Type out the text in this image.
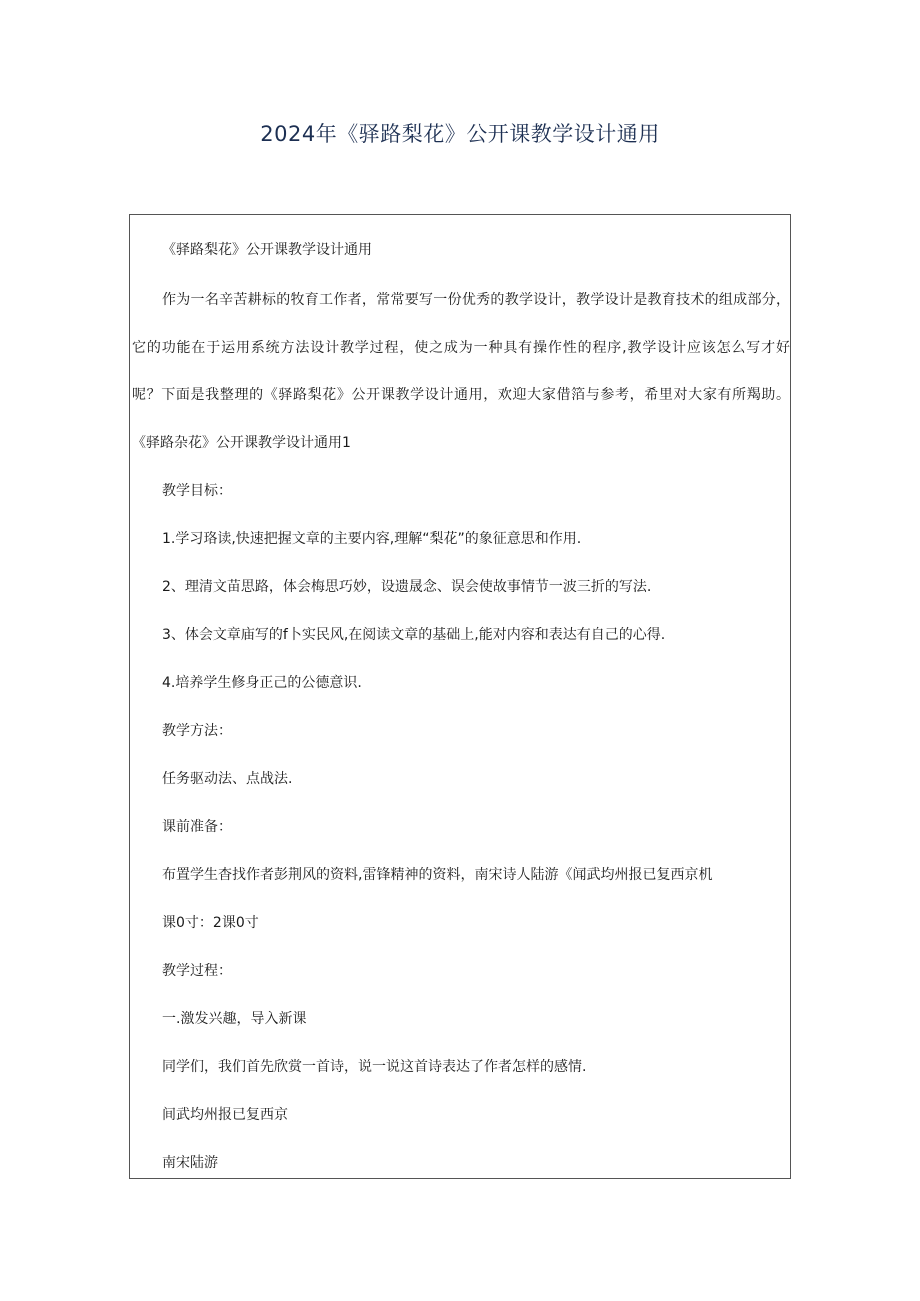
2024年《驿路梨花》公开课教学设计通用
《驿路梨花》公开课教学设计通用
作为一名辛苦耕标的牧育工作者，常常要写一份优秀的教学设计，教学设计是教育技术的组成部分，
它的功能在于运用系统方法设计教学过程，使之成为一种具有操作性的程序,教学设计应该怎么写才好
呢？下面是我整理的《驿路梨花》公开课教学设计通用，欢迎大家借箔与参考，希里对大家有所羯助。
《驿路杂花》公开课教学设计通用1
教学目标：
1.学习珞读,快速把握文章的主要内容,理解“梨花”的象征意思和作用.
2、理清文苗思路，体会梅思巧妙，设遗晟念、误会使故事情节一波三折的写法.
3、体会文章庙写的f卜实民风,在阅读文章的基础上,能对内容和表达有自己的心得.
4.培养学生修身正己的公德意识.
教学方法：
任务驱动法、点战法.
课前准备：
布置学生杳找作者彭荆风的资料,雷锋精神的资料，南宋诗人陆游《闻武均州报已复西京机
课0寸：2课0寸
教学过程：
一.激发兴趣，导入新课
同学们，我们首先欣赏一首诗，说一说这首诗表达了作者怎样的感情.
间武均州报已复西京
南宋陆游
